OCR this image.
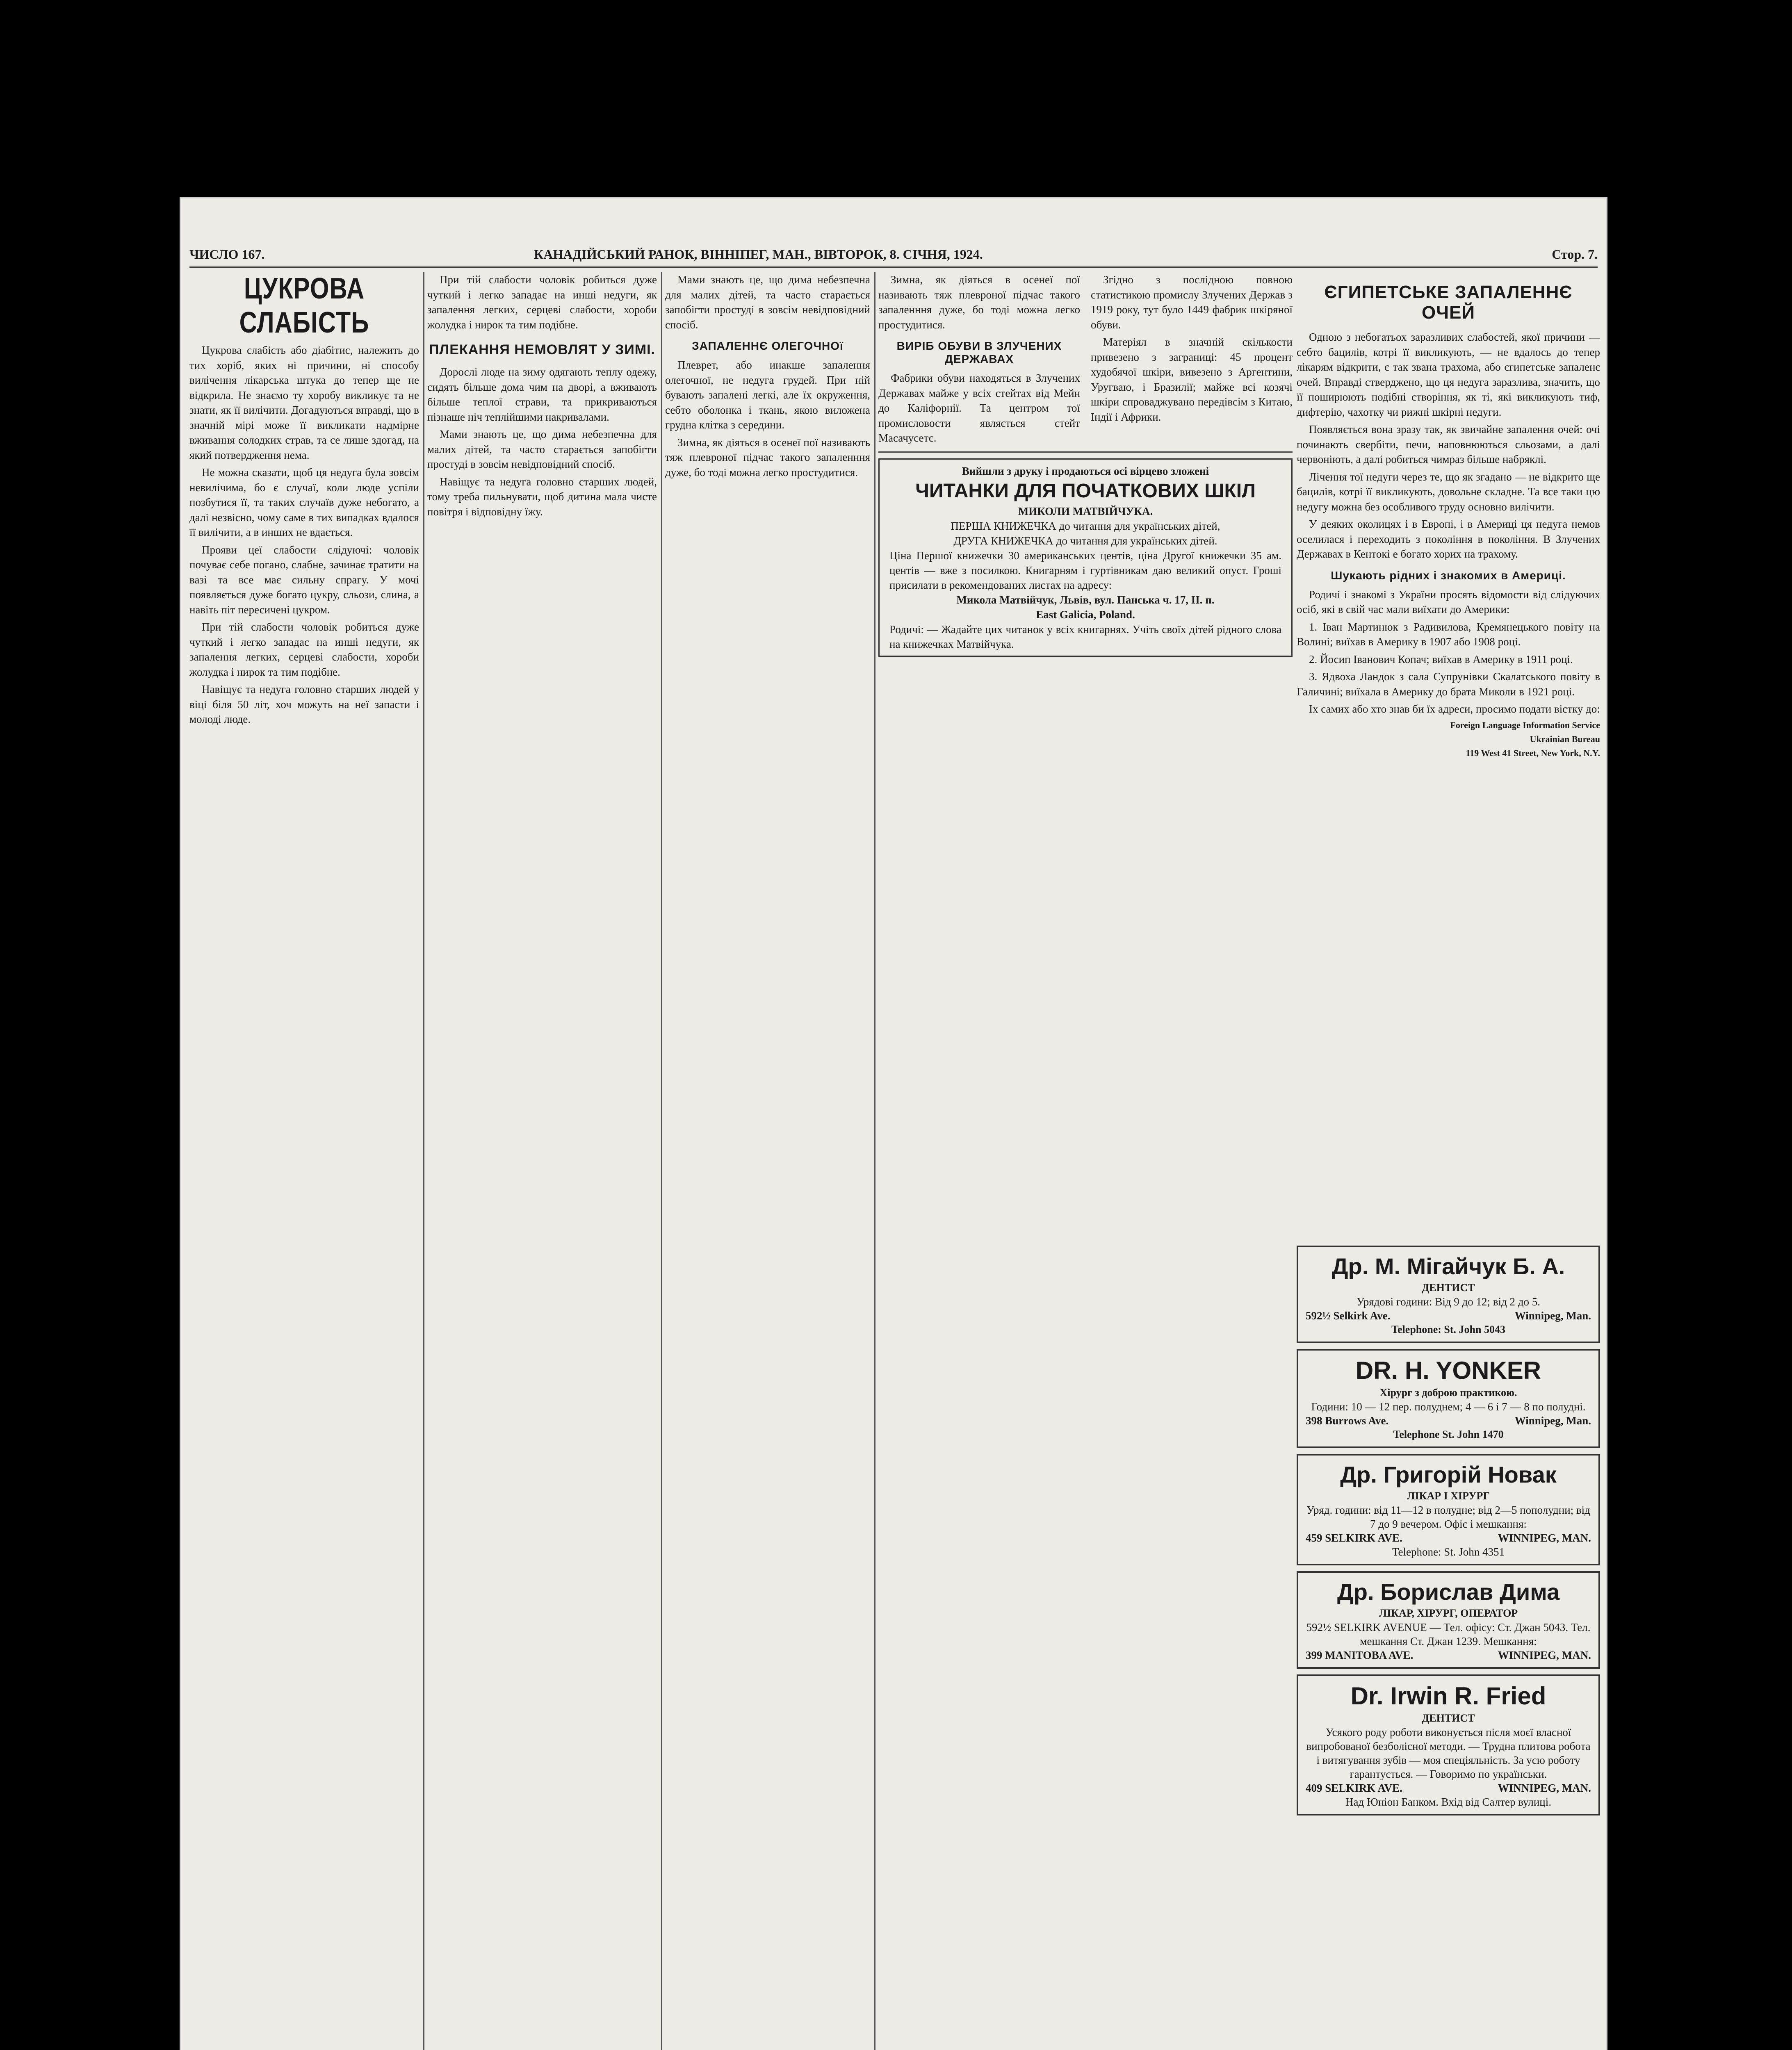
ЧИСЛО 167.	КАНАДІЙСЬКИЙ РАНОК, ВІННІПЕГ, МАН., ВІВТОРОК, 8. СІЧНЯ, 1924.	Стор. 7.
ЦУКРОВА СЛАБІСТЬ

Цукрова слабість або діабітис, належить до тих хоріб, яких ні причини, ні способу вилічення лікарська штука до тепер ще не відкрила. Не знаємо ту хоробу викликує та не знати, як її вилічити. Догадуються вправді, що в значній мірі може її викликати надмірне вживання солодких страв, та се лише здогад, на який потвердження нема.

Не можна сказати, щоб ця недуга була зовсім невилічима, бо є случаї, коли люде успіли позбутися її, та таких случаїв дуже небогато, а далі незвісно, чому саме в тих випадках вдалося її вилічити, а в инших не вдається.

Прояви цеї слабости слідуючі: чоловік почуває себе погано, слабне, зачинає тратити на вазі та все має сильну спрагу. У мочі появляється дуже богато цукру, сльози, слина, а навіть піт пересичені цукром.

При тій слабости чоловік робиться дуже чуткий і легко западає на инші недуги, як запалення легких, серцеві слабости, хороби жолудка і нирок та тим подібне.

Навіщує та недуга головно старших людей у віці біля 50 літ, хоч можуть на неї запасти і молоді люде.

При тій слабости чоловік робиться дуже чуткий і легко западає на инші недуги, як запалення легких, серцеві слабости, хороби жолудка і нирок та тим подібне.

ПЛЕКАННЯ НЕМОВЛЯТ У ЗИМІ.

Дорослі люде на зиму одягають теплу одежу, сидять більше дома чим на дворі, а вживають більше теплої страви, та прикриваються пізнаше ніч теплійшими накривалами.

Мами знають це, що дима небезпечна для малих дітей, та часто старається запобігти простуді в зовсім невідповідний спосіб.

Навіщує та недуга головно старших людей, тому треба пильнувати, щоб дитина мала чисте повітря і відповідну їжу.

Мами знають це, що дима небезпечна для малих дітей, та часто старається запобігти простуді в зовсім невідповідний спосіб.

ЗАПАЛЕННЄ ОЛЕГОЧНОї

Плеврет, або инакше запалення олегочної, не недуга грудей. При ній бувають запалені легкі, але їх окруження, себто оболонка і ткань, якою виложена грудна клітка з середини.

Зимна, як діяться в осенеї пої називають тяж плевроної підчас такого запаленння дуже, бо тоді можна легко простудитися.

Зимна, як діяться в осенеї пої називають тяж плевроної підчас такого запаленння дуже, бо тоді можна легко простудитися.

ВИРІБ ОБУВИ В ЗЛУЧЕНИХ ДЕРЖАВАХ

Фабрики обуви находяться в Злучених Державах майже у всіх стейтах від Мейн до Каліфорнії. Та центром тої промисловости являється стейт Масачусетс.

Згідно з послідною повною статистикою промислу Злучених Держав з 1919 року, тут було 1449 фабрик шкіряної обуви.

Матеріял в значній скількости привезено з заграниці: 45 процент худобячої шкіри, вивезено з Аргентини, Уругваю, і Бразилії; майже всі козячі шкіри спроваджувано передівсім з Китаю, Індії і Африки.

Вийшли з друку і продаються осі вірцево зложені
ЧИТАНКИ ДЛЯ ПОЧАТКОВИХ ШКІЛ
МИКОЛИ МАТВІЙЧУКА.
ПЕРША КНИЖЕЧКА до читання для українських дітей,
ДРУГА КНИЖЕЧКА до читання для українських дітей.
Ціна Першої книжечки 30 американських центів, ціна Другої книжечки 35 ам. центів — вже з посилкою. Книгарням і гуртівникам даю великий опуст. Гроші присилати в рекомендованих листах на адресу:
Микола Матвійчук, Львів, вул. Панська ч. 17, ІІ. п.
East Galicia, Poland.
Родичі: — Жадайте цих читанок у всіх книгарнях. Учіть своїх дітей рідного слова на книжечках Матвійчука.
ЄГИПЕТСЬКЕ ЗАПАЛЕННЄ ОЧЕЙ

Одною з небогатьох заразливих слабостей, якої причини — себто бацилів, котрі її викликують, — не вдалось до тепер лікарям відкрити, є так звана трахома, або єгипетське запаленє очей. Вправді стверджено, що ця недуга заразлива, значить, що її поширюють подібні створіння, як ті, які викликують тиф, дифтерію, чахотку чи рижні шкірні недуги.

Появляється вона зразу так, як звичайне запалення очей: очі починають свербіти, печи, наповнюються сльозами, а далі червоніють, а далі робиться чимраз більше набряклі.

Лічення тої недуги через те, що як згадано — не відкрито ще бацилів, котрі її викликують, довольне складне. Та все таки цю недугу можна без особливого труду основно вилічити.

У деяких околицях і в Европі, і в Америці ця недуга немов оселилася і переходить з покоління в покоління. В Злучених Державах в Кентокі е богато хорих на трахому.

Шукають рідних і знакомих в Америці.

Родичі і знакомі з України просять відомости від слідуючих осіб, які в свій час мали виїхати до Америки:

1. Іван Мартинюк з Радивилова, Кремянецького повіту на Волині; виїхав в Америку в 1907 або 1908 році.

2. Йосип Іванович Копач; виїхав в Америку в 1911 році.

3. Ядвоха Ландок з сала Супрунівки Скалатського повіту в Галичині; виїхала в Америку до брата Миколи в 1921 році.

Іх самих або хто знав би їх адреси, просимо подати вістку до:

Foreign Language Information Service
Ukrainian Bureau
119 West 41 Street, New York, N.Y.
Др. М. Мігайчук Б. А.
ДЕНТИСТ
Урядові години: Від 9 до 12; від 2 до 5.
592½ Selkirk Ave.	Winnipeg, Man.
Telephone: St. John 5043
DR. H. YONKER
Хірург з доброю практикою.
Години: 10 — 12 пер. полуднем; 4 — 6 і 7 — 8 по полудні.
398 Burrows Ave.	Winnipeg, Man.
Telephone St. John 1470
Др. Григорій Новак
ЛІКАР І ХІРУРГ
Уряд. години: від 11—12 в полудне; від 2—5 пополудни; від 7 до 9 вечером. Офіс і мешкання:
459 SELKIRK AVE.	WINNIPEG, MAN.
Telephone: St. John 4351
Др. Борислав Дима
ЛІКАР, ХІРУРГ, ОПЕРАТОР
592½ SELKIRK AVENUE — Тел. офісу: Ст. Джан 5043. Тел. мешкання Ст. Джан 1239. Мешкання:
399 MANITOBA AVE.	WINNIPEG, MAN.
Dr. Irwin R. Fried
ДЕНТИСТ
Усякого роду роботи виконується після моєї власної випробованої безболісної методи. — Трудна плитова робота і витягування зубів — моя спеціяльність. За усю роботу гарантується. — Говоримо по українськи.
409 SELKIRK AVE.	WINNIPEG, MAN.
Над Юніон Банком. Вхід від Салтер вулиці.
